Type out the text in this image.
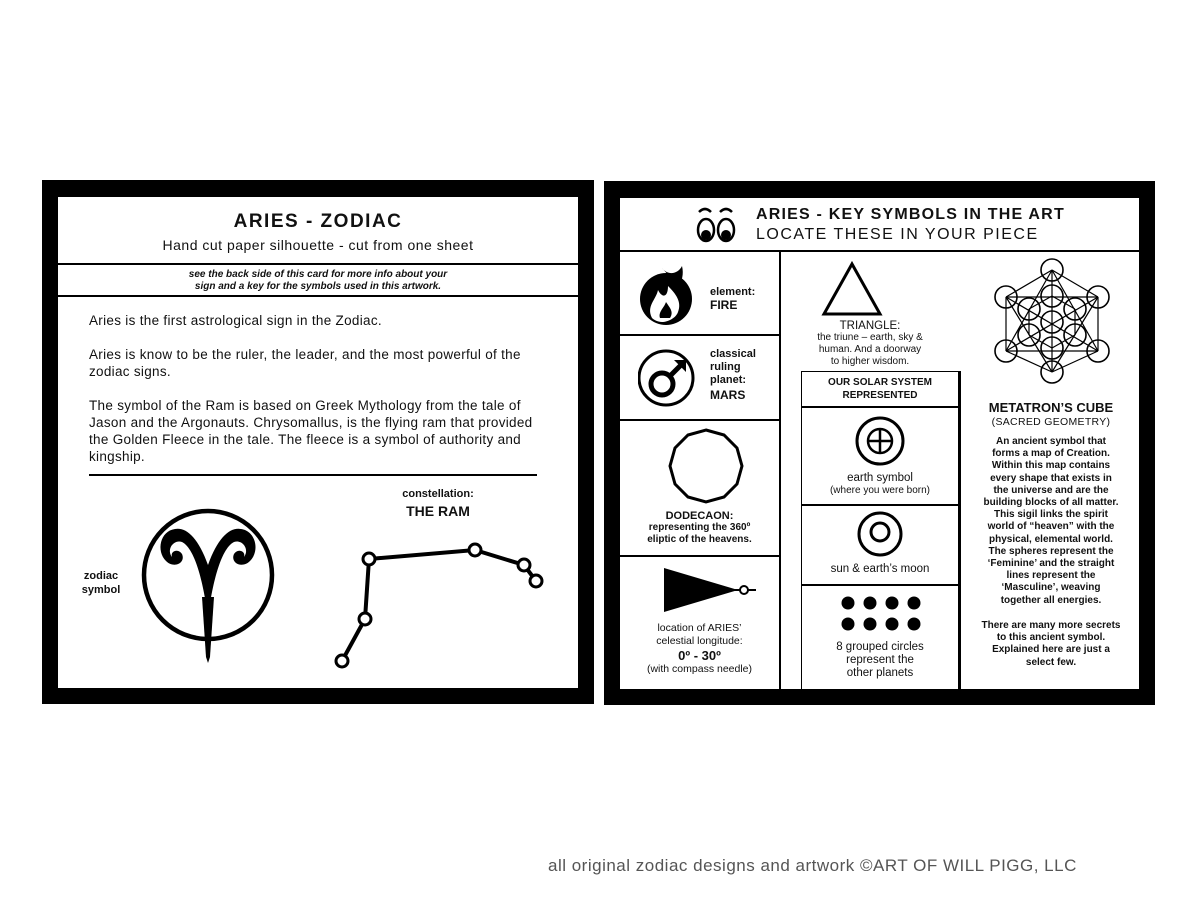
ARIES - ZODIAC
Hand cut paper silhouette - cut from one sheet
see the back side of this card for more info about your
sign and a key for the symbols used in this artwork.
Aries is the first astrological sign in the Zodiac.
Aries is know to be the ruler, the leader, and the most powerful of the zodiac signs.
The symbol of the Ram is based on Greek Mythology from the tale of Jason and the Argonauts. Chrysomallus, is the flying ram that provided the Golden Fleece in the tale. The fleece is a symbol of authority and kingship.
zodiac
symbol
constellation:
THE RAM
ARIES - KEY SYMBOLS IN THE ART
LOCATE THESE IN YOUR PIECE
element:
FIRE
classical
ruling
planet:
MARS
DODECAON:
representing the 360º
eliptic of the heavens.
location of ARIES’
celestial longitude:
0º - 30º
(with compass needle)
TRIANGLE:
the triune – earth, sky &
human. And a doorway
to higher wisdom.
OUR SOLAR SYSTEM
REPRESENTED
earth symbol
(where you were born)
sun & earth’s moon
8 grouped circles
represent the
other planets
METATRON’S CUBE
(SACRED GEOMETRY)
An ancient symbol that
forms a map of Creation.
Within this map contains
every shape that exists in
the universe and are the
building blocks of all matter.
This sigil links the spirit
world of “heaven” with the
physical, elemental world.
The spheres represent the
‘Feminine’ and the straight
lines represent the
‘Masculine’, weaving
together all energies.
There are many more secrets
to this ancient symbol.
Explained here are just a
select few.
all original zodiac designs and artwork ©ART OF WILL PIGG, LLC
